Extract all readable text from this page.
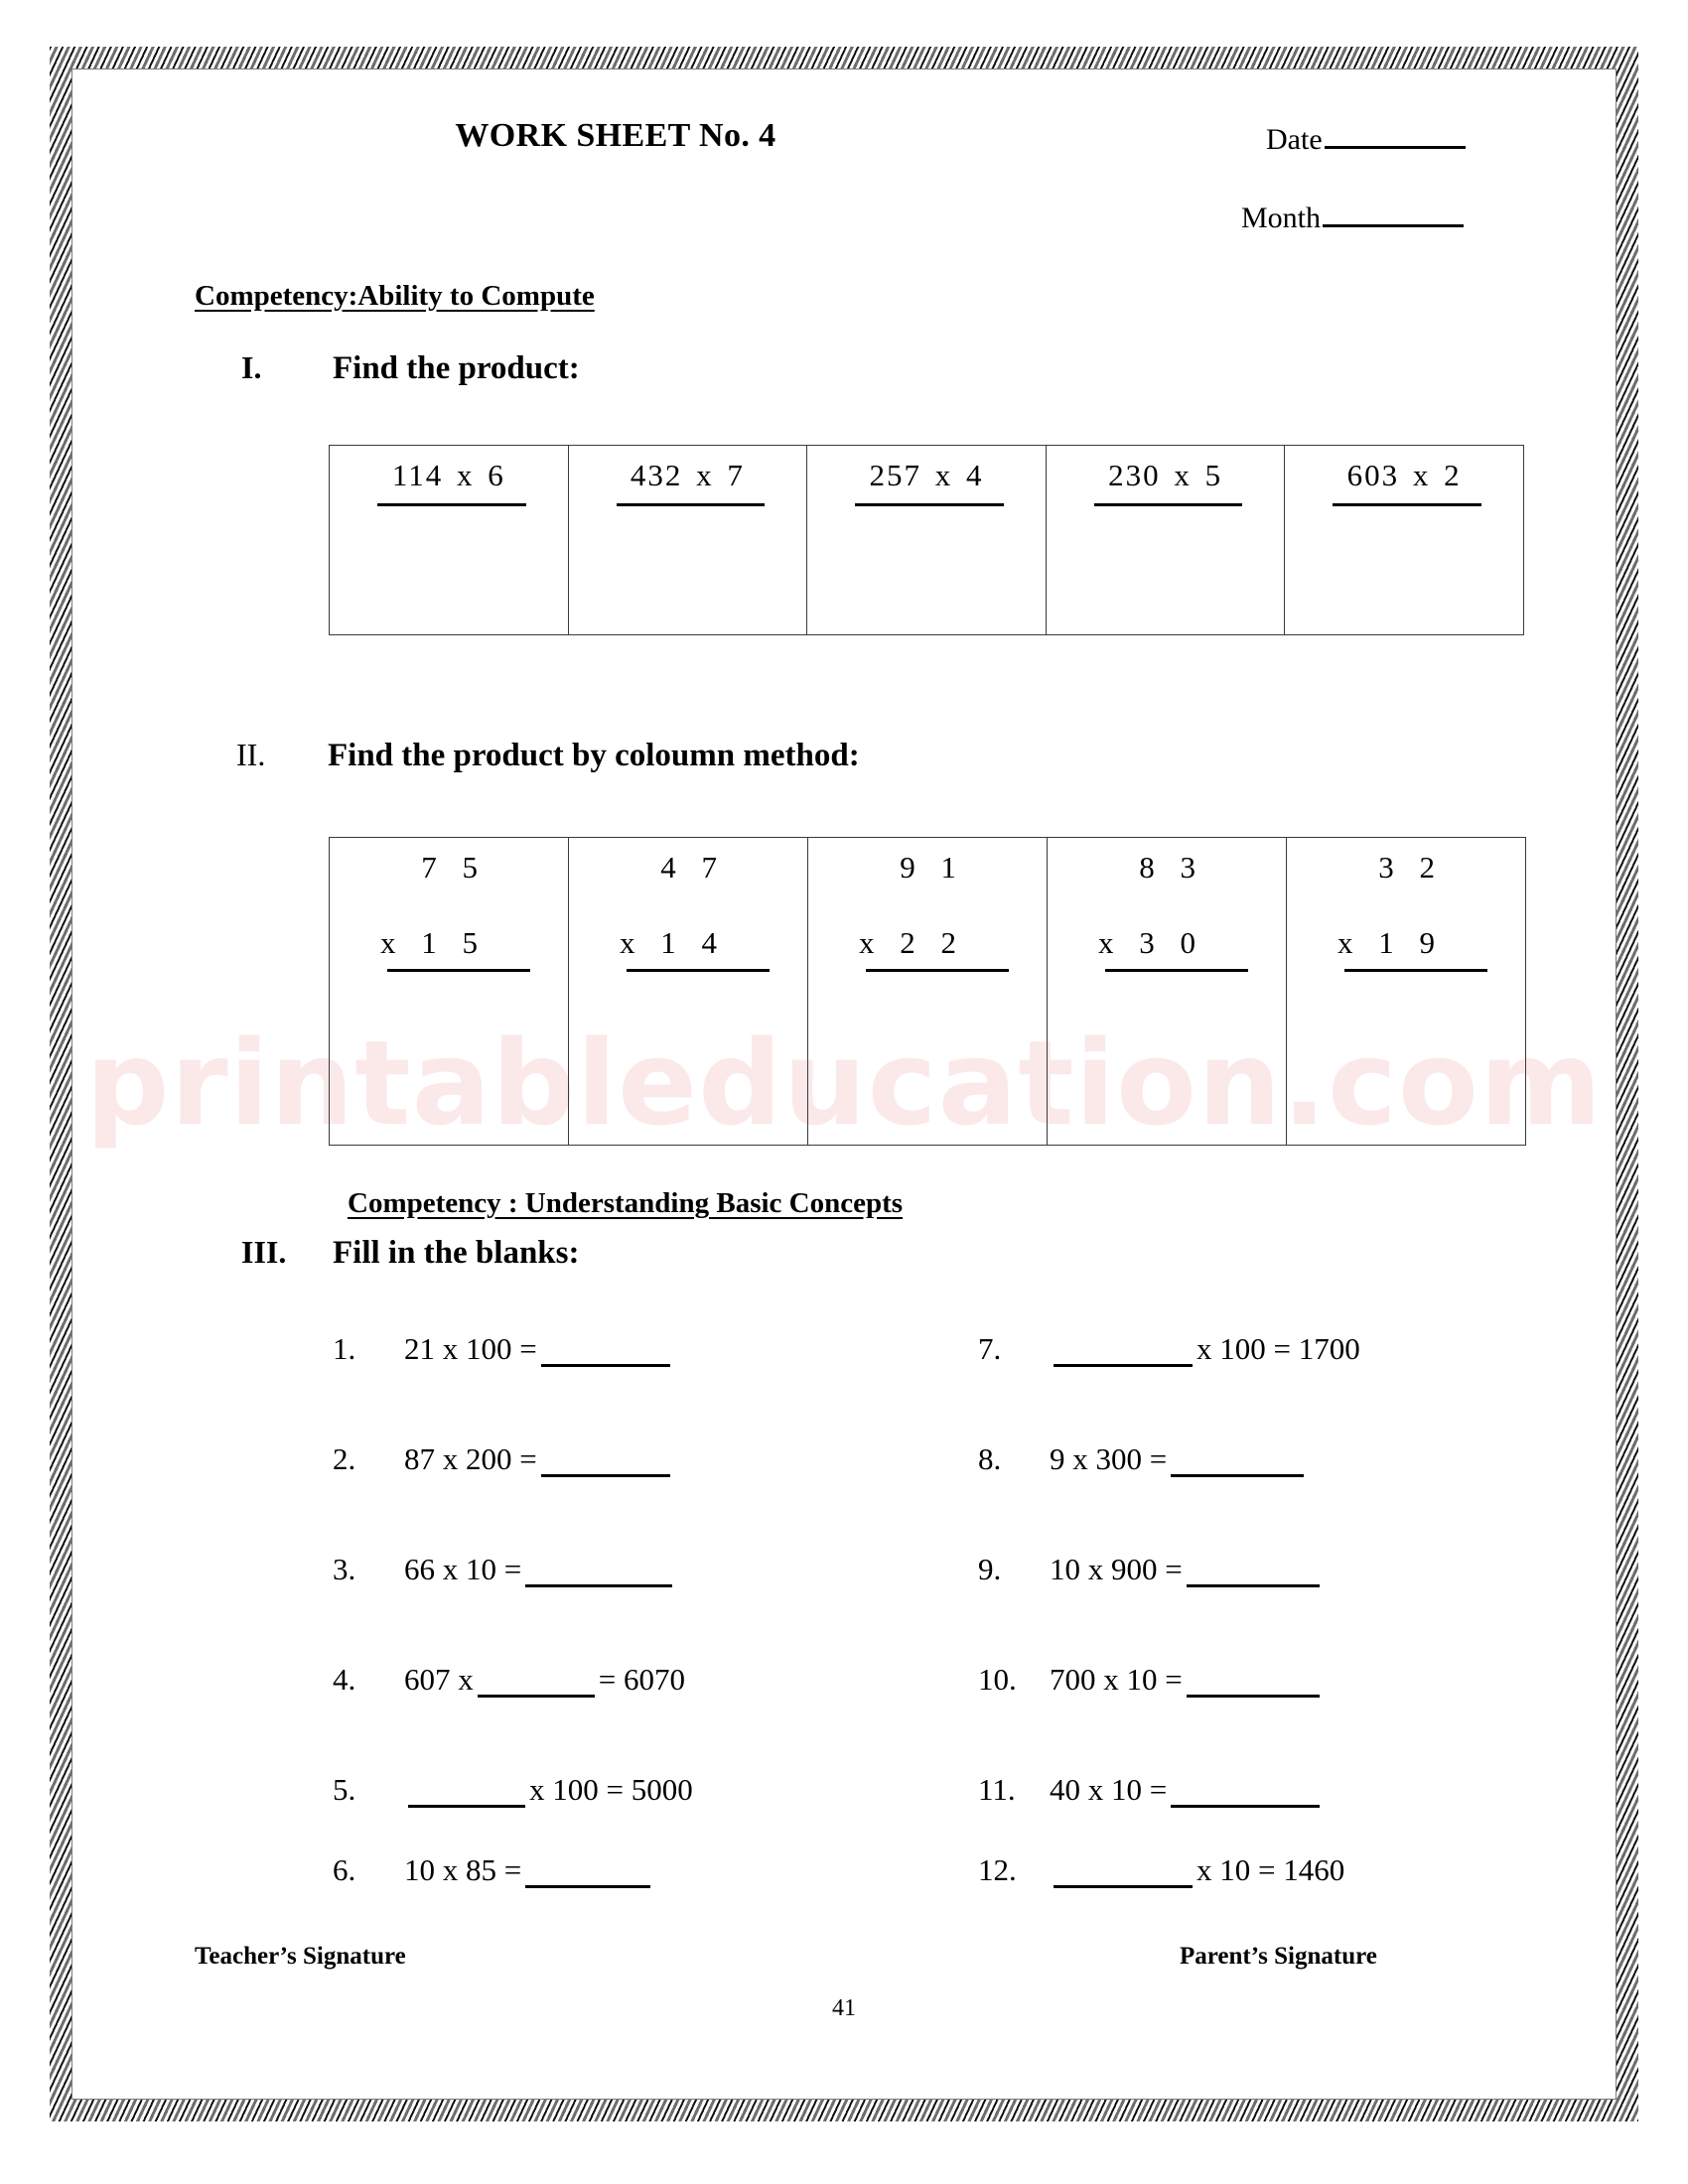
printableducation.com
WORK SHEET No. 4	Date
Month
Competency:Ability to Compute
I. Find the product:
114 x 6	432 x 7	257 x 4	230 x 5	603 x 2
II. Find the product by coloumn method:
7 5
x 1 5

4 7
x 1 4

9 1
x 2 2

8 3
x 3 0

3 2
x 1 9
Competency : Understanding Basic Concepts
III. Fill in the blanks:
1. 21 x 100 =
2. 87 x 200 =
3. 66 x 10 =
4. 607 x	= 6070
5.	x 100 = 5000
6. 10 x 85 =
7.	x 100 = 1700
8. 9 x 300 =
9. 10 x 900 =
10. 700 x 10 =
11. 40 x 10 =
12.	x 10 = 1460
Teacher’s Signature	Parent’s Signature
41
